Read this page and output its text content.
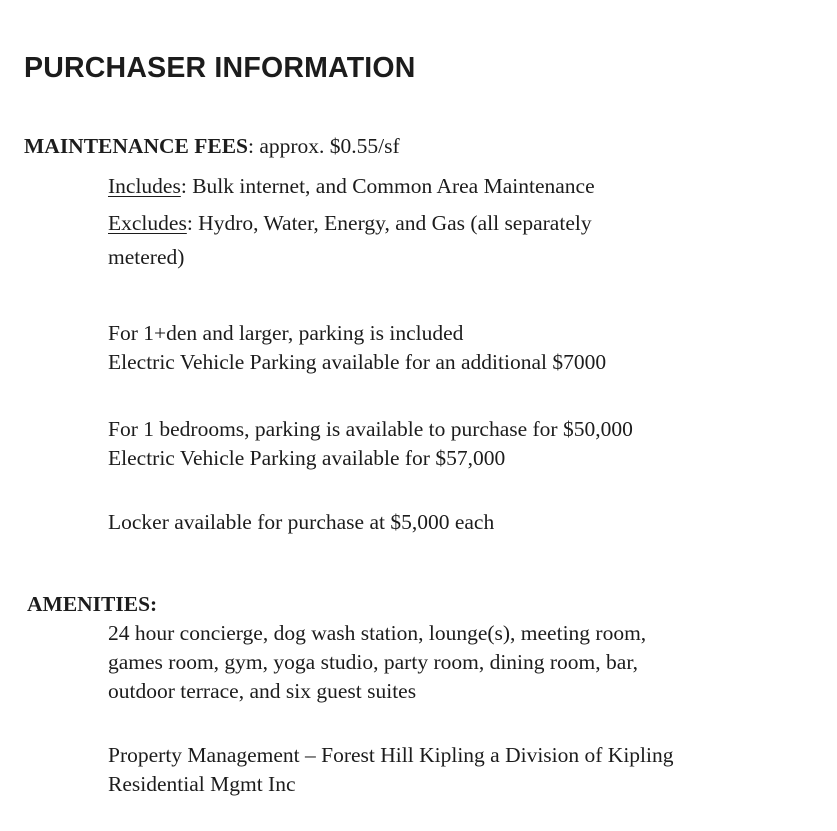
PURCHASER INFORMATION
MAINTENANCE FEES: approx. $0.55/sf
Includes: Bulk internet, and Common Area Maintenance
Excludes: Hydro, Water, Energy, and Gas (all separately
metered)
For 1+den and larger, parking is included
Electric Vehicle Parking available for an additional $7000
For 1 bedrooms, parking is available to purchase for $50,000
Electric Vehicle Parking available for $57,000
Locker available for purchase at $5,000 each
AMENITIES:
24 hour concierge, dog wash station, lounge(s), meeting room,
games room, gym, yoga studio, party room, dining room, bar,
outdoor terrace, and six guest suites
Property Management – Forest Hill Kipling a Division of Kipling
Residential Mgmt Inc
